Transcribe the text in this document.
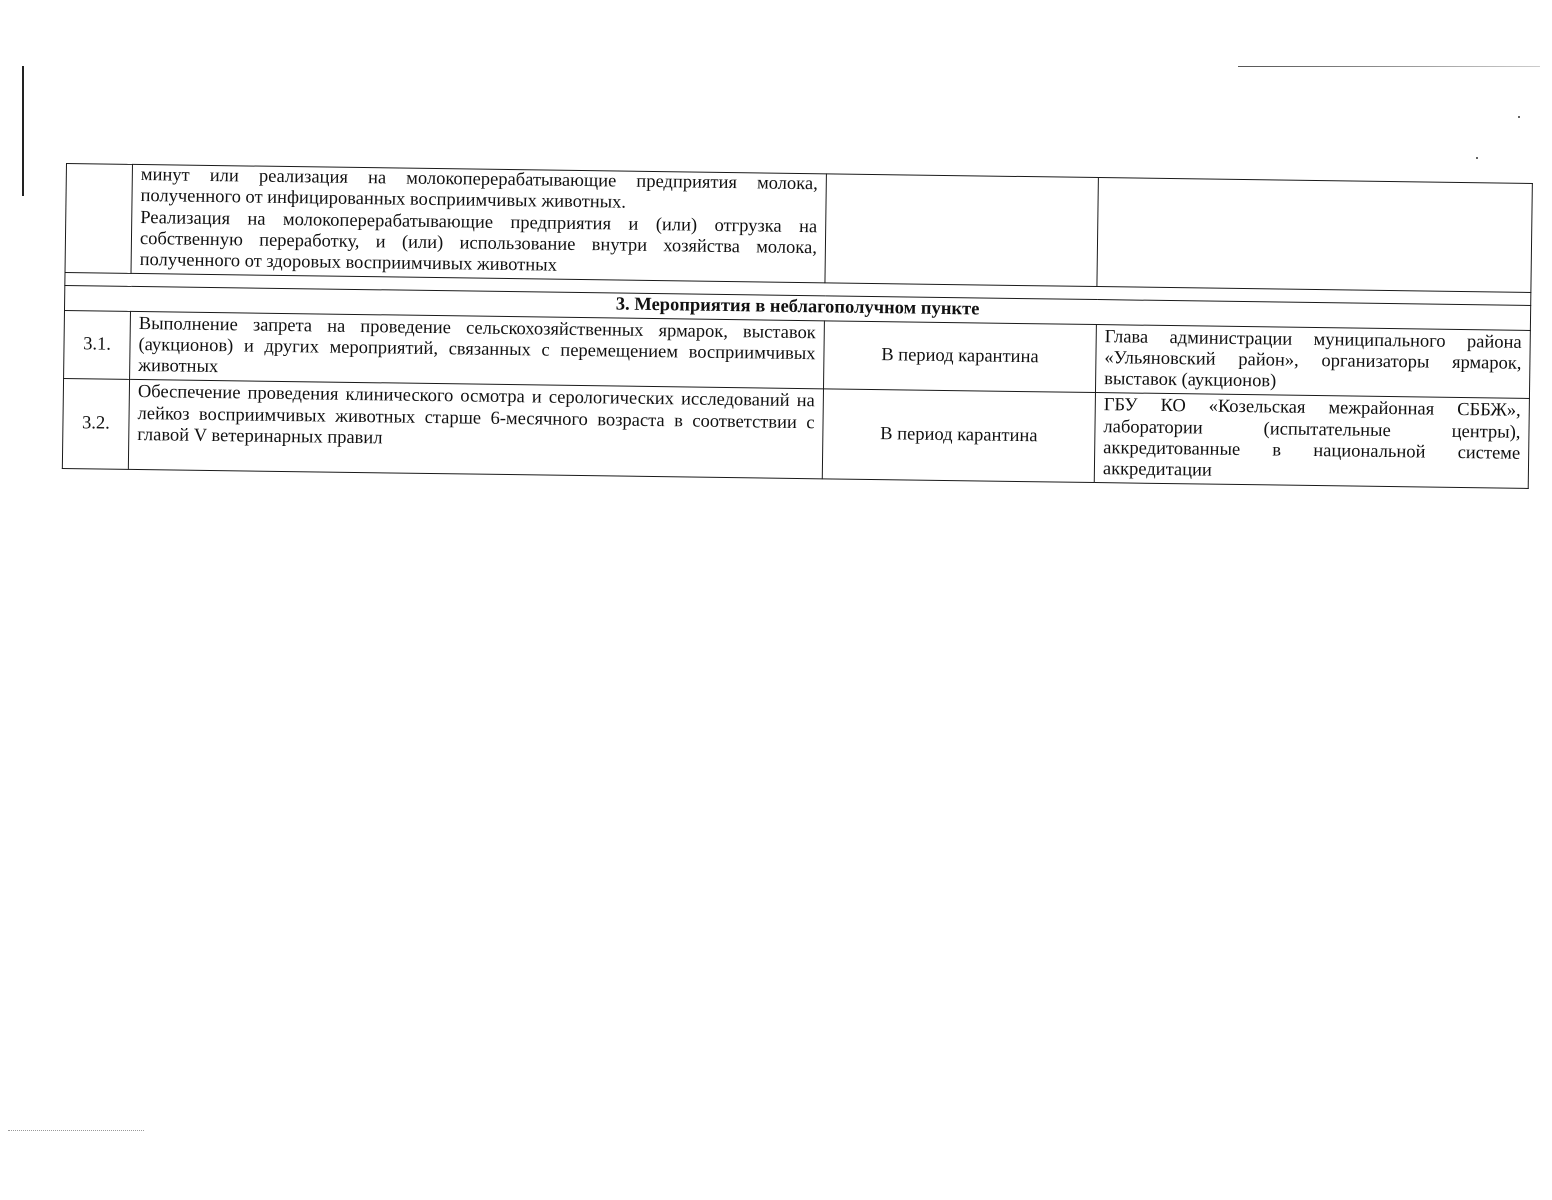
	минут или реализация на молокоперерабатывающие предприятия молока, полученного от инфицированных восприимчивых животных.
Реализация на молокоперерабатывающие предприятия и (или) отгрузка на собственную переработку, и (или) использование внутри хозяйства молока, полученного от здоровых восприимчивых животных		

3. Мероприятия в неблагополучном пункте			
3.1.	Выполнение запрета на проведение сельскохозяйственных ярмарок, выставок (аукционов) и других мероприятий, связанных с перемещением восприимчивых животных	В период карантина	Глава администрации муниципального района «Ульяновский район», организаторы ярмарок, выставок (аукционов)
3.2.	Обеспечение проведения клинического осмотра и серологических исследований на лейкоз восприимчивых животных старше 6-месячного возраста в соответствии с главой V ветеринарных правил	В период карантина	ГБУ КО «Козельская межрайонная СББЖ», лаборатории (испытательные центры), аккредитованные в национальной системе аккредитации
